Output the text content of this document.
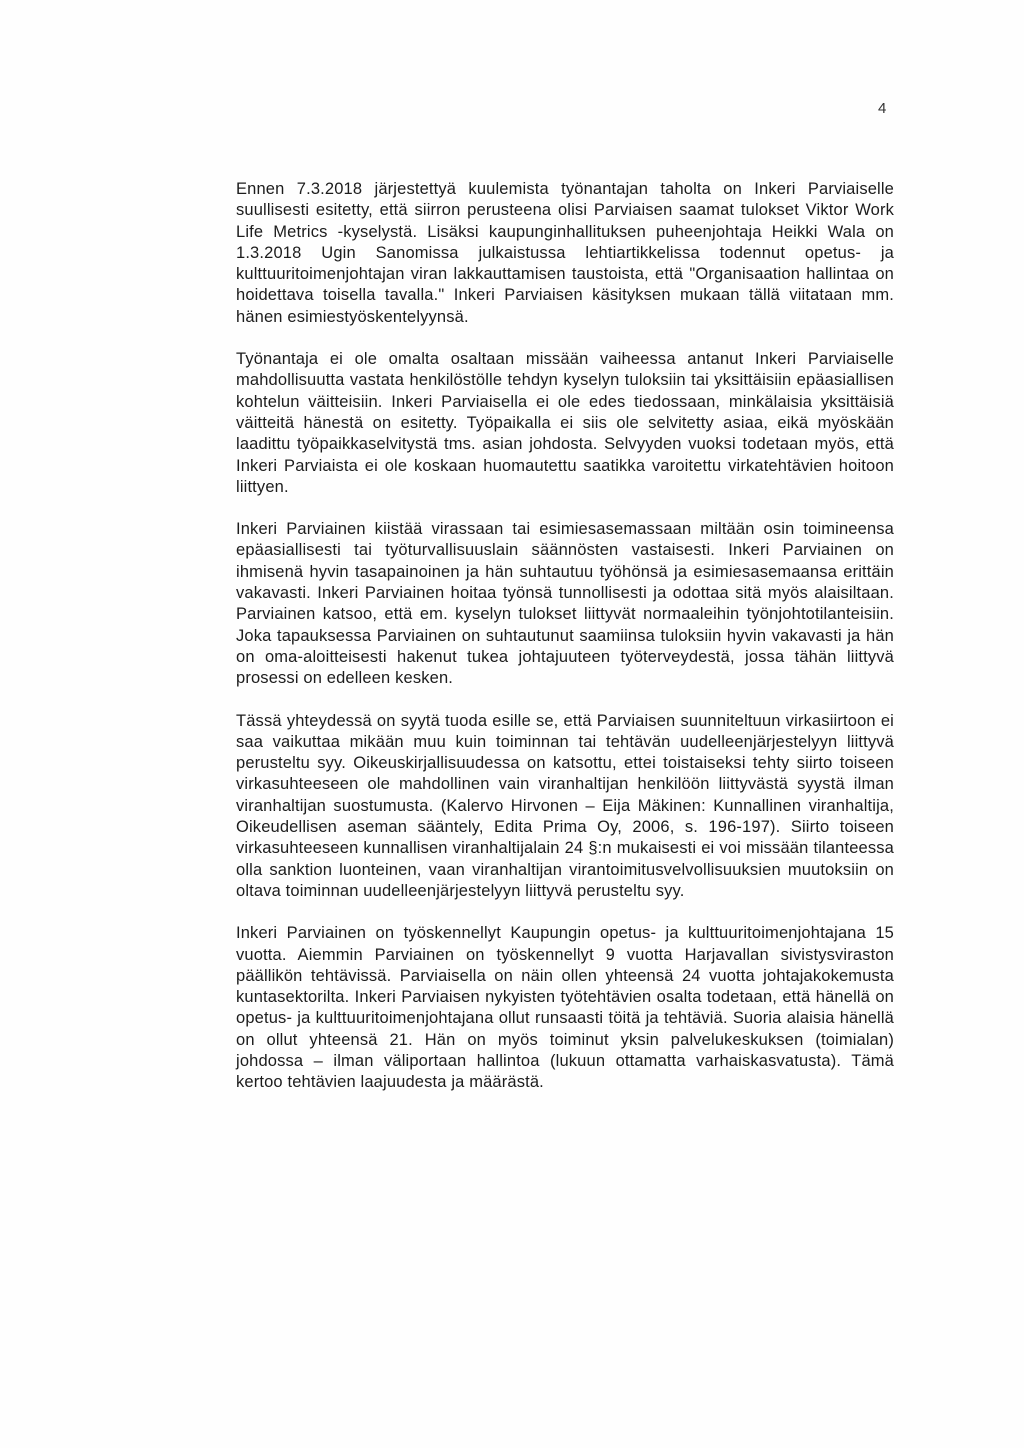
4

Ennen 7.3.2018 järjestettyä kuulemista työnantajan taholta on Inkeri Parviaiselle suullisesti esitetty, että siirron perusteena olisi Parviaisen saamat tulokset Viktor Work Life Metrics -kyselystä. Lisäksi kaupunginhallituksen puheenjohtaja Heikki Wala on 1.3.2018 Ugin Sanomissa julkaistussa lehtiartikkelissa todennut opetus- ja kulttuuritoimenjohtajan viran lakkauttamisen taustoista, että "Organisaation hallintaa on hoidettava toisella tavalla." Inkeri Parviaisen käsityksen mukaan tällä viitataan mm. hänen esimiestyöskentelyynsä.

Työnantaja ei ole omalta osaltaan missään vaiheessa antanut Inkeri Parviaiselle mahdollisuutta vastata henkilöstölle tehdyn kyselyn tuloksiin tai yksittäisiin epäasiallisen kohtelun väitteisiin. Inkeri Parviaisella ei ole edes tiedossaan, minkälaisia yksittäisiä väitteitä hänestä on esitetty. Työpaikalla ei siis ole selvitetty asiaa, eikä myöskään laadittu työpaikkaselvitystä tms. asian johdosta. Selvyyden vuoksi todetaan myös, että Inkeri Parviaista ei ole koskaan huomautettu saatikka varoitettu virkatehtävien hoitoon liittyen.

Inkeri Parviainen kiistää virassaan tai esimiesasemassaan miltään osin toimineensa epäasiallisesti tai työturvallisuuslain säännösten vastaisesti. Inkeri Parviainen on ihmisenä hyvin tasapainoinen ja hän suhtautuu työhönsä ja esimiesasemaansa erittäin vakavasti. Inkeri Parviainen hoitaa työnsä tunnollisesti ja odottaa sitä myös alaisiltaan. Parviainen katsoo, että em. kyselyn tulokset liittyvät normaaleihin työnjohtotilanteisiin. Joka tapauksessa Parviainen on suhtautunut saamiinsa tuloksiin hyvin vakavasti ja hän on oma-aloitteisesti hakenut tukea johtajuuteen työterveydestä, jossa tähän liittyvä prosessi on edelleen kesken.

Tässä yhteydessä on syytä tuoda esille se, että Parviaisen suunniteltuun virkasiirtoon ei saa vaikuttaa mikään muu kuin toiminnan tai tehtävän uudelleenjärjestelyyn liittyvä perusteltu syy. Oikeuskirjallisuudessa on katsottu, ettei toistaiseksi tehty siirto toiseen virkasuhteeseen ole mahdollinen vain viranhaltijan henkilöön liittyvästä syystä ilman viranhaltijan suostumusta. (Kalervo Hirvonen – Eija Mäkinen: Kunnallinen viranhaltija, Oikeudellisen aseman sääntely, Edita Prima Oy, 2006, s. 196-197). Siirto toiseen virkasuhteeseen kunnallisen viranhaltijalain 24 §:n mukaisesti ei voi missään tilanteessa olla sanktion luonteinen, vaan viranhaltijan virantoimitusvelvollisuuksien muutoksiin on oltava toiminnan uudelleenjärjestelyyn liittyvä perusteltu syy.

Inkeri Parviainen on työskennellyt Kaupungin opetus- ja kulttuuritoimenjohtajana 15 vuotta. Aiemmin Parviainen on työskennellyt 9 vuotta Harjavallan sivistysviraston päällikön tehtävissä. Parviaisella on näin ollen yhteensä 24 vuotta johtajakokemusta kuntasektorilta. Inkeri Parviaisen nykyisten työtehtävien osalta todetaan, että hänellä on opetus- ja kulttuuritoimenjohtajana ollut runsaasti töitä ja tehtäviä. Suoria alaisia hänellä on ollut yhteensä 21. Hän on myös toiminut yksin palvelukeskuksen (toimialan) johdossa – ilman väliportaan hallintoa (lukuun ottamatta varhaiskasvatusta). Tämä kertoo tehtävien laajuudesta ja määrästä.
